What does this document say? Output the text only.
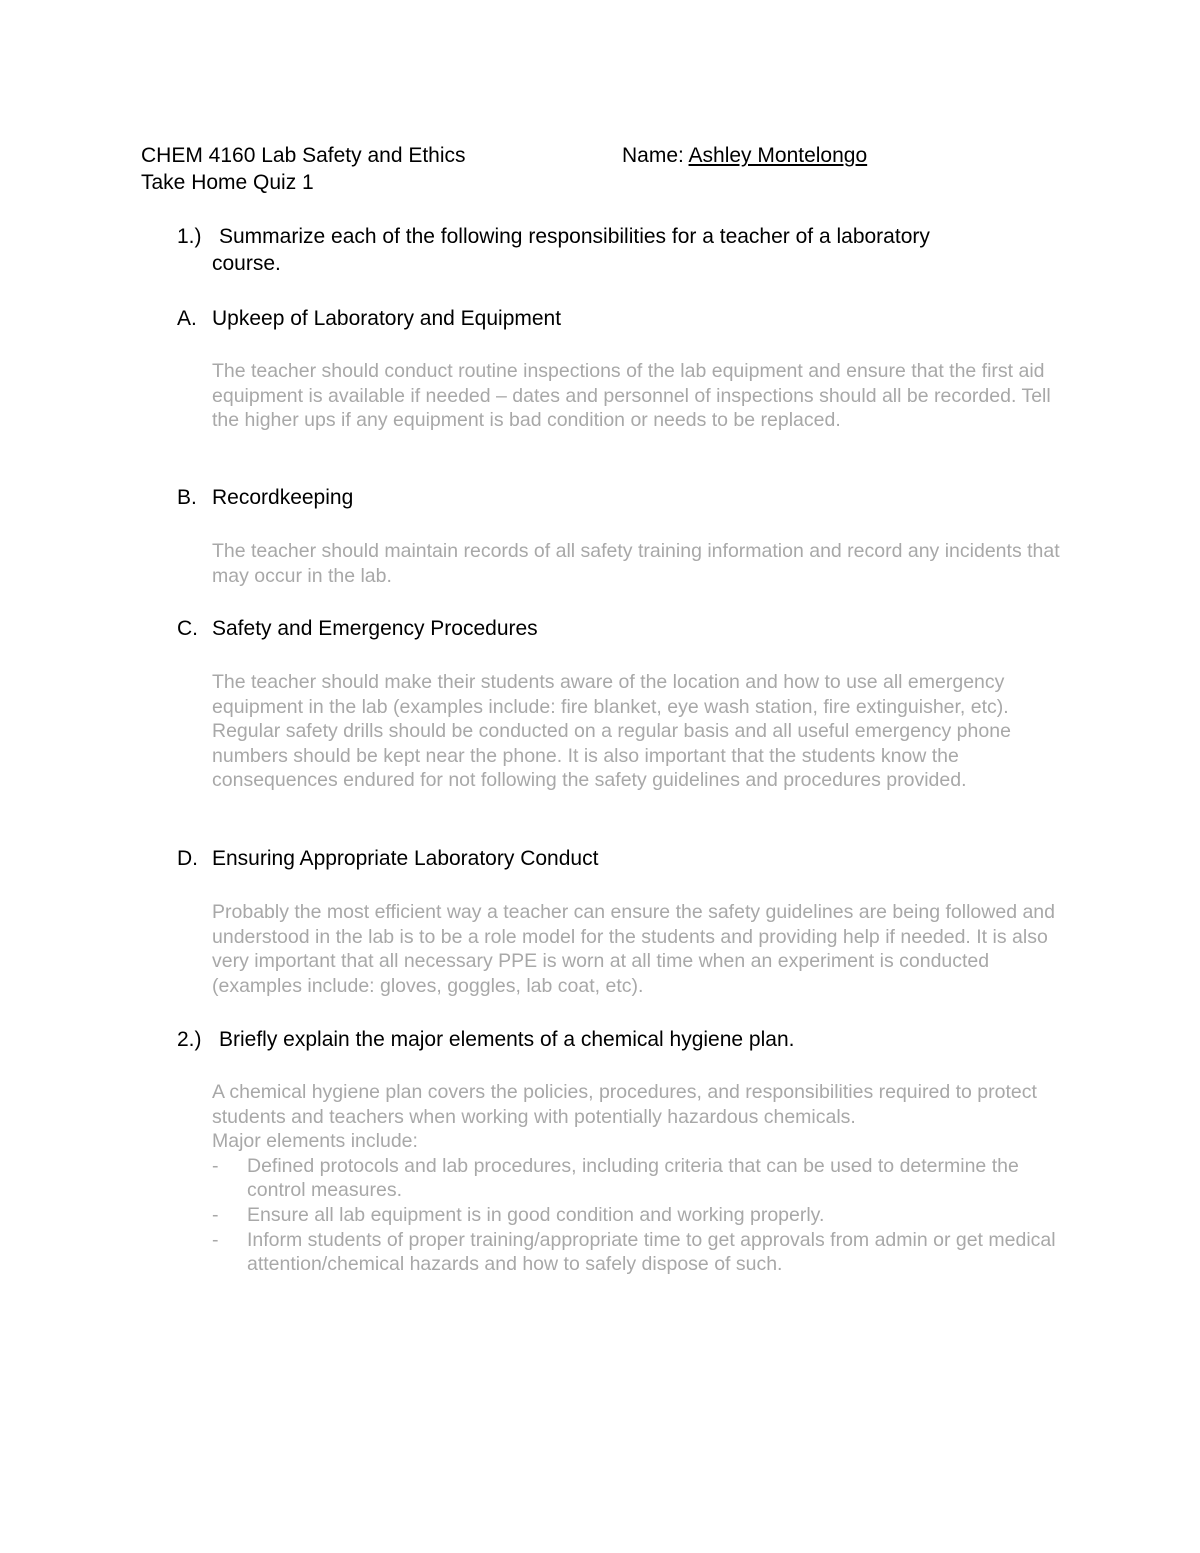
CHEM 4160 Lab Safety and Ethics	Name: Ashley Montelongo
Take Home Quiz 1
1.) Summarize each of the following responsibilities for a teacher of a laboratory
course.
A. Upkeep of Laboratory and Equipment

The teacher should conduct routine inspections of the lab equipment and ensure that the first aid equipment is available if needed – dates and personnel of inspections should all be recorded. Tell the higher ups if any equipment is bad condition or needs to be replaced.

B. Recordkeeping

The teacher should maintain records of all safety training information and record any incidents that may occur in the lab.

C. Safety and Emergency Procedures

The teacher should make their students aware of the location and how to use all emergency equipment in the lab (examples include: fire blanket, eye wash station, fire extinguisher, etc). Regular safety drills should be conducted on a regular basis and all useful emergency phone numbers should be kept near the phone. It is also important that the students know the consequences endured for not following the safety guidelines and procedures provided.

D. Ensuring Appropriate Laboratory Conduct

Probably the most efficient way a teacher can ensure the safety guidelines are being followed and understood in the lab is to be a role model for the students and providing help if needed. It is also very important that all necessary PPE is worn at all time when an experiment is conducted (examples include: gloves, goggles, lab coat, etc).

2.) Briefly explain the major elements of a chemical hygiene plan.

A chemical hygiene plan covers the policies, procedures, and responsibilities required to protect students and teachers when working with potentially hazardous chemicals.

Major elements include:

- Defined protocols and lab procedures, including criteria that can be used to determine the control measures.
- Ensure all lab equipment is in good condition and working properly.
- Inform students of proper training/appropriate time to get approvals from admin or get medical attention/chemical hazards and how to safely dispose of such.
